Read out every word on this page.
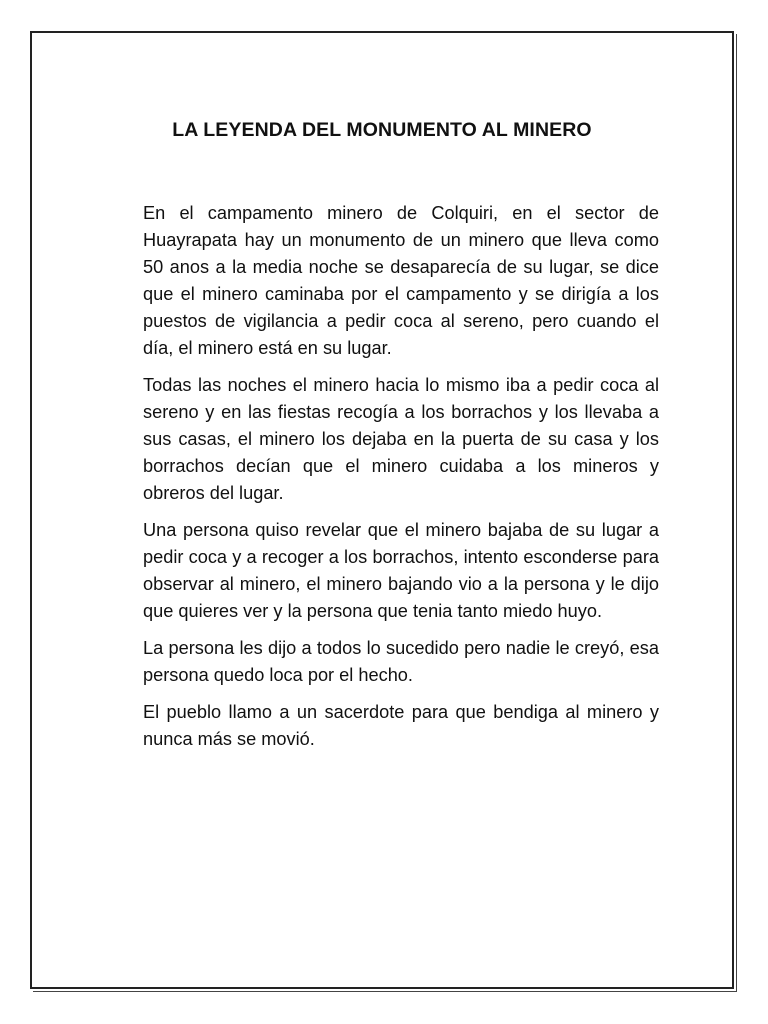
LA LEYENDA DEL MONUMENTO AL MINERO

En el campamento minero de Colquiri, en el sector de Huayrapata hay un monumento de un minero que lleva como 50 anos a la media noche se desaparecía de su lugar, se dice que el minero caminaba por el campamento y se dirigía a los puestos de vigilancia a pedir coca al sereno, pero cuando el día, el minero está en su lugar.

Todas las noches el minero hacia lo mismo iba a pedir coca al sereno y en las fiestas recogía a los borrachos y los llevaba a sus casas, el minero los dejaba en la puerta de su casa y los borrachos decían que el minero cuidaba a los mineros y obreros del lugar.

Una persona quiso revelar que el minero bajaba de su lugar a pedir coca y a recoger a los borrachos, intento esconderse para observar al minero, el minero bajando vio a la persona y le dijo que quieres ver y la persona que tenia tanto miedo huyo.

La persona les dijo a todos lo sucedido pero nadie le creyó, esa persona quedo loca por el hecho.

El pueblo llamo a un sacerdote para que bendiga al minero y nunca más se movió.
